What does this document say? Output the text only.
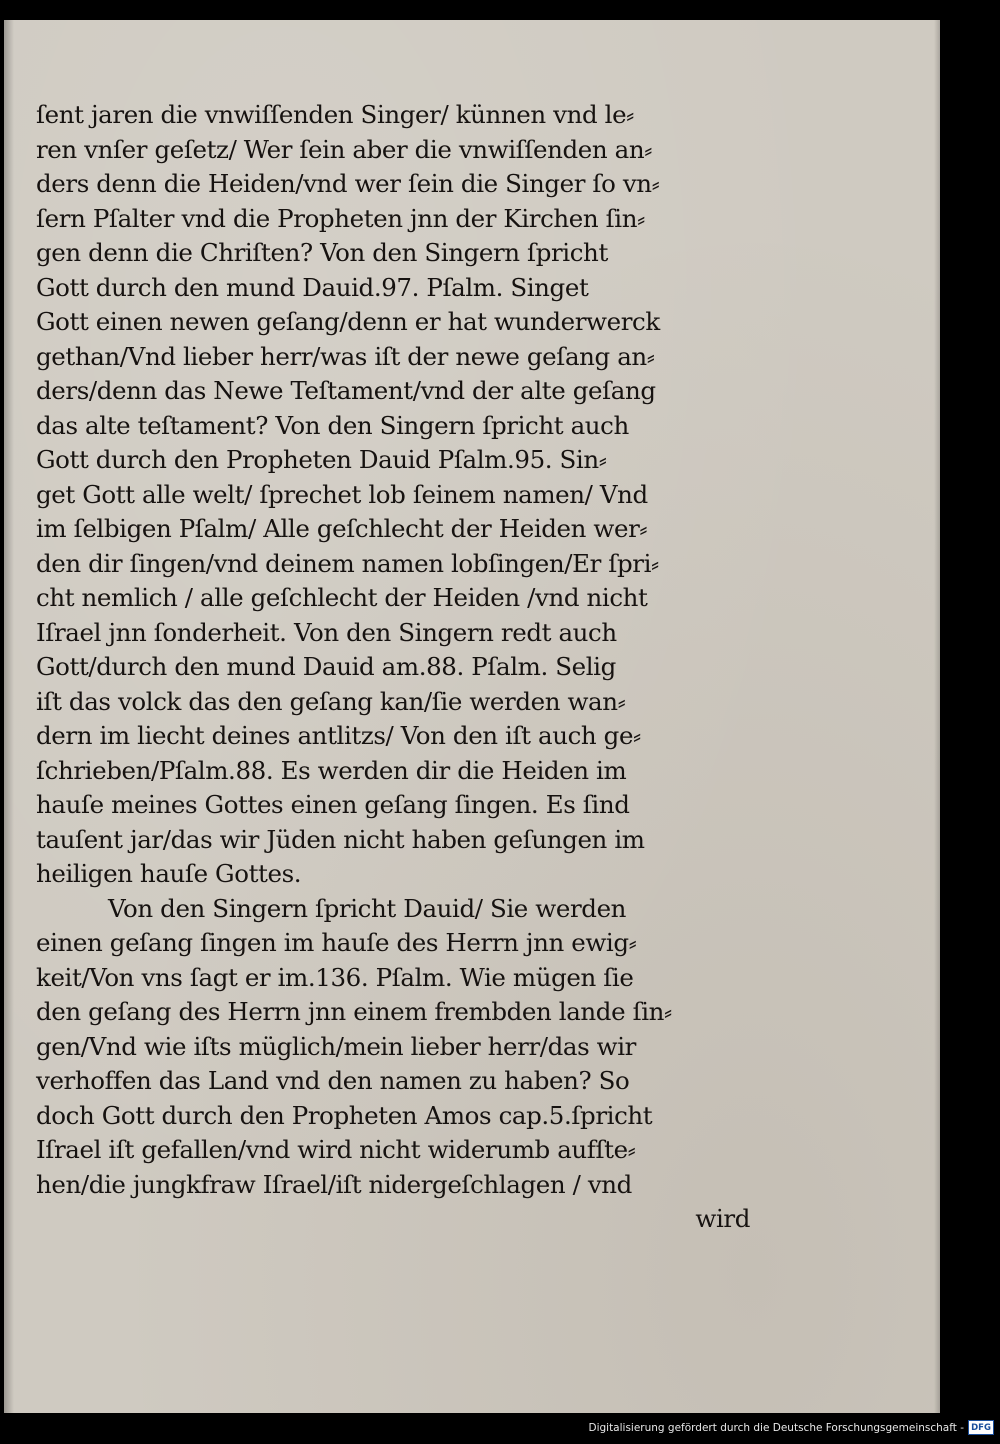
ſent jaren die vnwiſſenden Singer/ künnen vnd le⸗
ren vnſer geſetz/ Wer ſein aber die vnwiſſenden an⸗
ders denn die Heiden/vnd wer ſein die Singer ſo vn⸗
ſern Pſalter vnd die Propheten jnn der Kirchen ſin⸗
gen denn die Chriſten? Von den Singern ſpricht
Gott durch den mund Dauid.97. Pſalm. Singet
Gott einen newen geſang/denn er hat wunderwerck
gethan/Vnd lieber herr/was iſt der newe geſang an⸗
ders/denn das Newe Teſtament/vnd der alte geſang
das alte teſtament? Von den Singern ſpricht auch
Gott durch den Propheten Dauid Pſalm.95. Sin⸗
get Gott alle welt/ ſprechet lob ſeinem namen/ Vnd
im ſelbigen Pſalm/ Alle geſchlecht der Heiden wer⸗
den dir ſingen/vnd deinem namen lobſingen/Er ſpri⸗
cht nemlich / alle geſchlecht der Heiden /vnd nicht
Iſrael jnn ſonderheit. Von den Singern redt auch
Gott/durch den mund Dauid am.88. Pſalm. Selig
iſt das volck das den geſang kan/ſie werden wan⸗
dern im liecht deines antlitzs/ Von den iſt auch ge⸗
ſchrieben/Pſalm.88. Es werden dir die Heiden im
hauſe meines Gottes einen geſang ſingen. Es ſind
tauſent jar/das wir Jüden nicht haben geſungen im
heiligen hauſe Gottes.
Von den Singern ſpricht Dauid/ Sie werden
einen geſang ſingen im hauſe des Herrn jnn ewig⸗
keit/Von vns ſagt er im.136. Pſalm. Wie mügen ſie
den geſang des Herrn jnn einem frembden lande ſin⸗
gen/Vnd wie iſts müglich/mein lieber herr/das wir
verhoffen das Land vnd den namen zu haben? So
doch Gott durch den Propheten Amos cap.5.ſpricht
Iſrael iſt gefallen/vnd wird nicht widerumb aufſte⸗
hen/die jungkfraw Iſrael/iſt nidergeſchlagen / vnd
wird
Digitalisierung gefördert durch die Deutsche Forschungsgemeinschaft - DFG
